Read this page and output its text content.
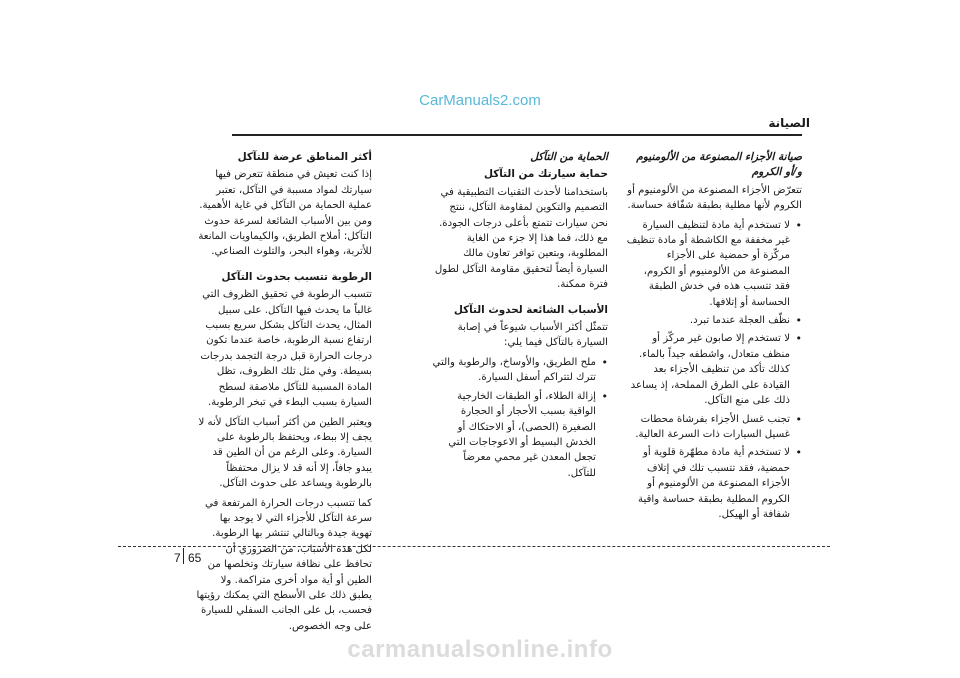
CarManuals2.com
الصيانة
صيانة الأجزاء المصنوعة من الألومنيوم و/أو الكروم

تتعرّض الأجزاء المصنوعة من الألومنيوم أو الكروم لأنها مطلية بطبقة شفّافة حساسة.

• لا تستخدم أية مادة لتنظيف السيارة غير مخففة مع الكاشطة أو مادة تنظيف مركّزة أو حمضية على الأجزاء المصنوعة من الألومنيوم أو الكروم، فقد تتسبب هذه في خدش الطبقة الحساسة أو إتلافها.
• نظّف العجلة عندما تبرد.
• لا تستخدم إلا صابون غير مركّز أو منظف متعادل، واشطفه جيداً بالماء. كذلك تأكد من تنظيف الأجزاء بعد القيادة على الطرق المملحة، إذ يساعد ذلك على منع التآكل.
• تجنب غسل الأجزاء بفرشاة محطات غسيل السيارات ذات السرعة العالية.
• لا تستخدم أية مادة مطهّرة قلوية أو حمضية، فقد تتسبب تلك في إتلاف الأجزاء المصنوعة من الألومنيوم أو الكروم المطلية بطبقة حساسة واقية شفافة أو الهيكل.
الحماية من التآكل
حماية سيارتك من التآكل

باستخدامنا لأحدث التقنيات التطبيقية في التصميم والتكوين لمقاومة التآكل، ننتج نحن سيارات تتمتع بأعلى درجات الجودة. مع ذلك، فما هذا إلا جزء من الغاية المطلوبة، وبتعين توافر تعاون مالك السيارة أيضاً لتحقيق مقاومة التآكل لطول فترة ممكنة.

الأسباب الشائعة لحدوث التآكل

تتمثّل أكثر الأسباب شيوعاً في إصابة السيارة بالتآكل فيما يلي:

• ملح الطريق، والأوساخ، والرطوبة والتي تترك لتتراكم أسفل السيارة.
• إزالة الطلاء، أو الطبقات الخارجية الواقية بسبب الأحجار أو الحجارة الصغيرة (الحصى)، أو الاحتكاك أو الخدش البسيط أو الاعوجاجات التي تجعل المعدن غير محمي معرضاً للتآكل.
أكثر المناطق عرضة للتآكل

إذا كنت تعيش في منطقة تتعرض فيها سيارتك لمواد مسببة في التآكل، تعتبر عملية الحماية من التآكل في غاية الأهمية. ومن بين الأسباب الشائعة لسرعة حدوث التآكل: أملاح الطريق، والكيماويات المانعة للأتربة، وهواء البحر، والتلوث الصناعي.

الرطوبة تتسبب بحدوث التآكل

تتسبب الرطوبة في تحقيق الظروف التي غالباً ما يحدث فيها التآكل. على سبيل المثال، يحدث التآكل بشكل سريع بسبب ارتفاع نسبة الرطوبة، خاصة عندما تكون درجات الحرارة قبل درجة التجمد بدرجات بسيطة. وفي مثل تلك الظروف، تظل المادة المسببة للتآكل ملاصقة لسطح السيارة بسبب البطء في تبخر الرطوبة.

ويعتبر الطين من أكثر أسباب التآكل لأنه لا يجف إلا ببطء، ويحتفظ بالرطوبة على السيارة. وعلى الرغم من أن الطين قد يبدو جافاً، إلا أنه قد لا يزال محتفظاً بالرطوبة ويساعد على حدوث التآكل.

كما تتسبب درجات الحرارة المرتفعة في سرعة التآكل للأجزاء التي لا يوجد بها تهوية جيدة وبالتالي تنتشر بها الرطوبة. لكل هذه الأسباب، من الضروري أن تحافظ على نظافة سيارتك وتخلصها من الطين أو أية مواد أخرى متراكمة. ولا يطبق ذلك على الأسطح التي يمكنك رؤيتها فحسب، بل على الجانب السفلي للسيارة على وجه الخصوص.

7 65
carmanualsonline.info
